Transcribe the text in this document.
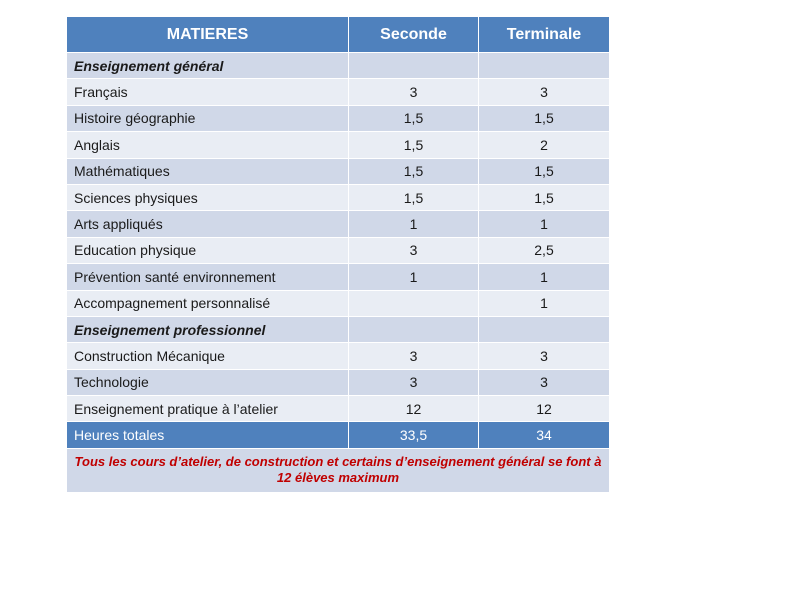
MATIERES	Seconde	Terminale
Enseignement général		
Français	3	3
Histoire géographie	1,5	1,5
Anglais	1,5	2
Mathématiques	1,5	1,5
Sciences physiques	1,5	1,5
Arts appliqués	1	1
Education physique	3	2,5
Prévention santé environnement	1	1
Accompagnement personnalisé		1
Enseignement professionnel		
Construction Mécanique	3	3
Technologie	3	3
Enseignement pratique à l’atelier	12	12
Heures totales	33,5	34
Tous les cours d’atelier, de construction et certains d’enseignement général se font à 12 élèves maximum		
